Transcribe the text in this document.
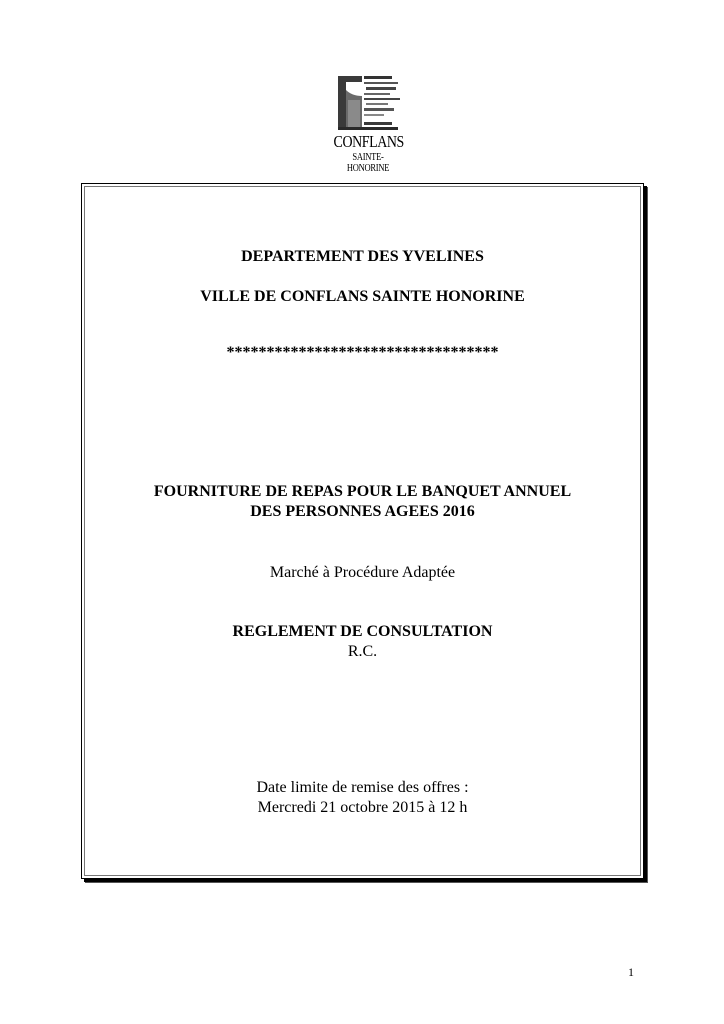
CONFLANS
SAINTE-HONORINE
DEPARTEMENT DES YVELINES
VILLE DE CONFLANS SAINTE HONORINE
**********************************
FOURNITURE DE REPAS POUR LE BANQUET ANNUEL
DES PERSONNES AGEES 2016
Marché à Procédure Adaptée
REGLEMENT DE CONSULTATION
R.C.
Date limite de remise des offres :
Mercredi 21 octobre 2015 à 12 h
1
